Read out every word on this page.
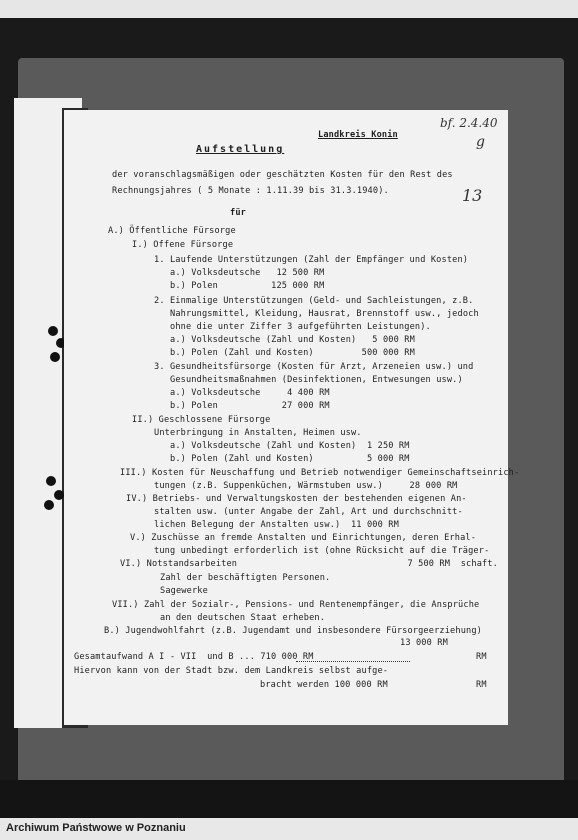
Landkreis Konin
bf. 2.4.40
g
13
Aufstellung
der voranschlagsmäßigen oder geschätzten Kosten für den Rest des
Rechnungsjahres ( 5 Monate : 1.11.39 bis 31.3.1940).
für
A.) Öffentliche Fürsorge
I.) Offene Fürsorge
1. Laufende Unterstützungen (Zahl der Empfänger und Kosten)
a.) Volksdeutsche   12 500 RM
b.) Polen          125 000 RM
2. Einmalige Unterstützungen (Geld- und Sachleistungen, z.B.
Nahrungsmittel, Kleidung, Hausrat, Brennstoff usw., jedoch
ohne die unter Ziffer 3 aufgeführten Leistungen).
a.) Volksdeutsche (Zahl und Kosten)   5 000 RM
b.) Polen (Zahl und Kosten)         500 000 RM
3. Gesundheitsfürsorge (Kosten für Arzt, Arzeneien usw.) und
Gesundheitsmaßnahmen (Desinfektionen, Entwesungen usw.)
a.) Volksdeutsche     4 400 RM
b.) Polen            27 000 RM
II.) Geschlossene Fürsorge
Unterbringung in Anstalten, Heimen usw.
a.) Volksdeutsche (Zahl und Kosten)  1 250 RM
b.) Polen (Zahl und Kosten)          5 000 RM
III.) Kosten für Neuschaffung und Betrieb notwendiger Gemeinschaftseinrich-
tungen (z.B. Suppenküchen, Wärmstuben usw.)     28 000 RM
IV.) Betriebs- und Verwaltungskosten der bestehenden eigenen An-
stalten usw. (unter Angabe der Zahl, Art und durchschnitt-
lichen Belegung der Anstalten usw.)  11 000 RM
V.) Zuschüsse an fremde Anstalten und Einrichtungen, deren Erhal-
tung unbedingt erforderlich ist (ohne Rücksicht auf die Träger-
VI.) Notstandsarbeiten                                7 500 RM  schaft.
Zahl der beschäftigten Personen.
Sagewerke
VII.) Zahl der Sozialr-, Pensions- und Rentenempfänger, die Ansprüche
an den deutschen Staat erheben.
B.) Jugendwohlfahrt (z.B. Jugendamt und insbesondere Fürsorgeerziehung)
13 000 RM
Gesamtaufwand A I - VII  und B ... 710 000 RM	RM
Hiervon kann von der Stadt bzw. dem Landkreis selbst aufge-
bracht werden 100 000 RM	RM
Archiwum Państwowe w Poznaniu
